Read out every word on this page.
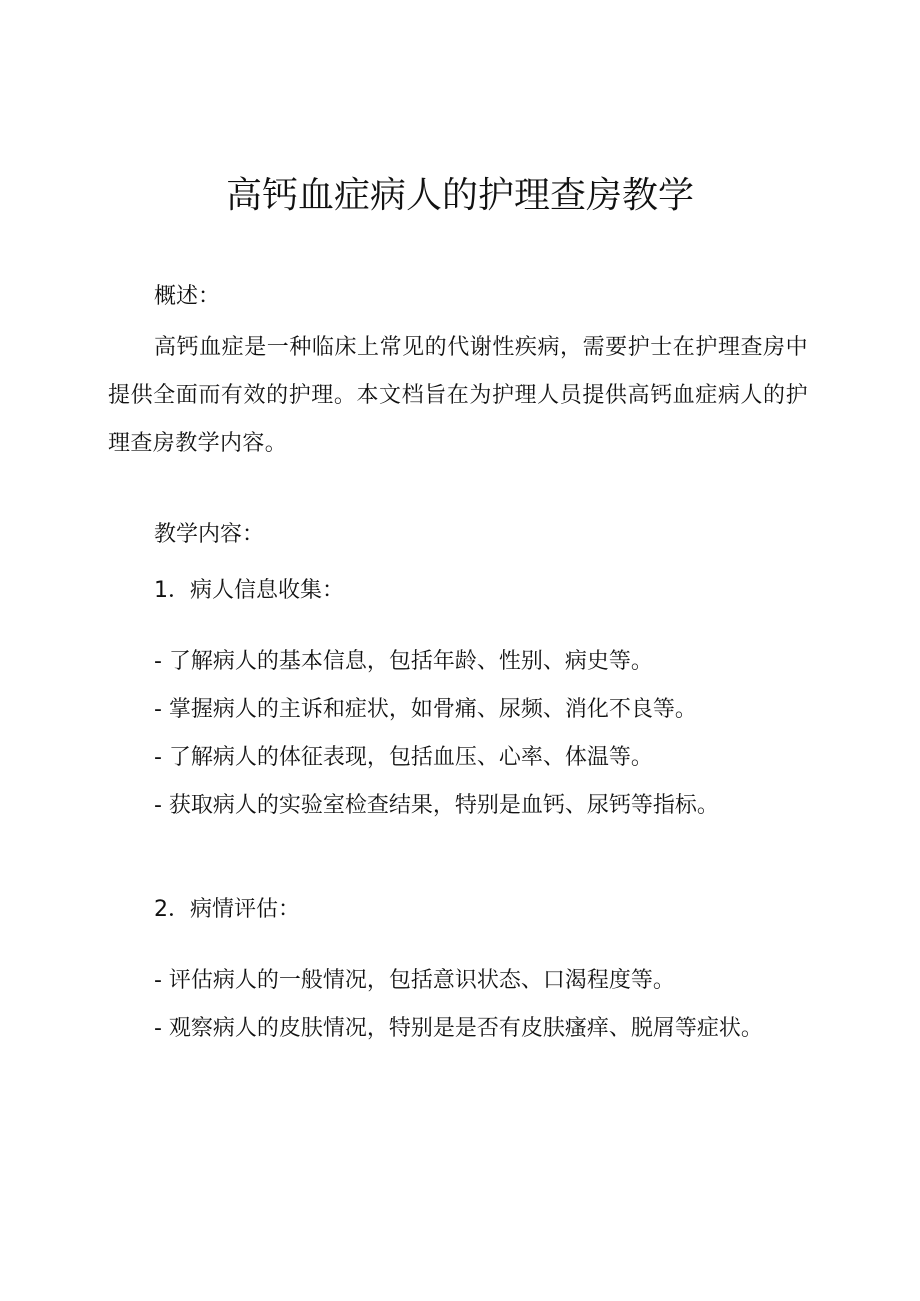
高钙血症病人的护理查房教学

概述：

高钙血症是一种临床上常见的代谢性疾病，需要护士在护理查房中提供全面而有效的护理。本文档旨在为护理人员提供高钙血症病人的护理查房教学内容。

教学内容：

1．病人信息收集：

- 了解病人的基本信息，包括年龄、性别、病史等。

- 掌握病人的主诉和症状，如骨痛、尿频、消化不良等。

- 了解病人的体征表现，包括血压、心率、体温等。

- 获取病人的实验室检查结果，特别是血钙、尿钙等指标。

2．病情评估：

- 评估病人的一般情况，包括意识状态、口渴程度等。

- 观察病人的皮肤情况，特别是是否有皮肤瘙痒、脱屑等症状。
